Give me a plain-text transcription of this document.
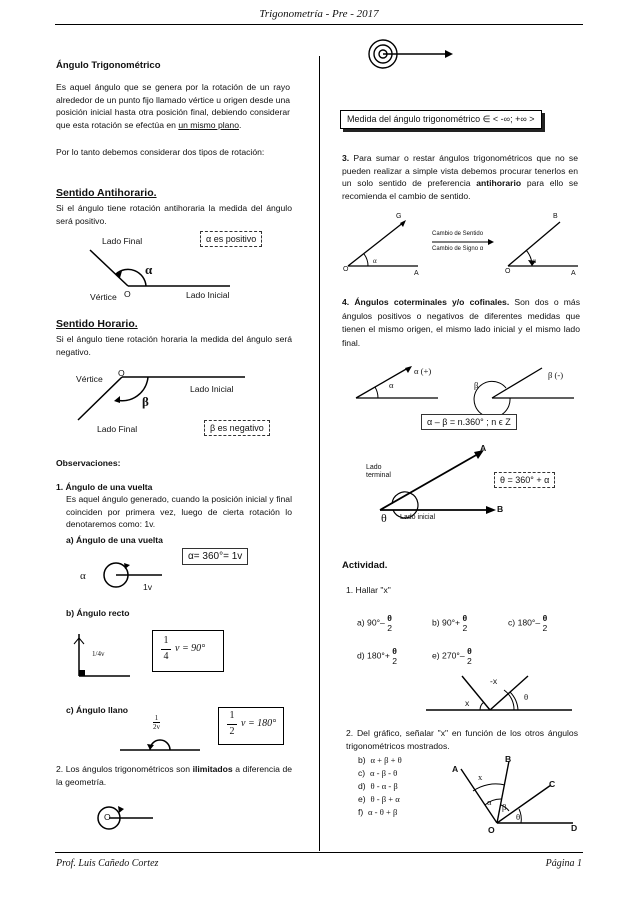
Trigonometría - Pre - 2017
Prof. Luis Cañedo Cortez	Página 1
Ángulo Trigonométrico
Es aquel ángulo que se genera por la rotación de un rayo alrededor de un punto fijo llamado vértice u origen desde una posición inicial hasta otra posición final, debiendo considerar que esta rotación se efectúa en un mismo plano.
Por lo tanto debemos considerar dos tipos de rotación:
Sentido Antihorario.
Si el ángulo tiene rotación antihoraria la medida del ángulo será positivo.
Lado Final	α es positivo
α
Vértice O	Lado Inicial
Sentido Horario.
Si el ángulo tiene rotación horaria la medida del ángulo será negativo.
Vértice
O
Lado Inicial
β
Lado Final	β es negativo
Observaciones:
1. Ángulo de una vuelta
Es aquel ángulo generado, cuando la posición inicial y final coinciden por primera vez, luego de cierta rotación lo denotaremos como: 1v.
a) Ángulo de una vuelta
α= 360°= 1v
α
1v
b) Ángulo recto
1/4v
1
4
v = 90°
c) Ángulo llano
$\frac{1}{2v}$	1
2
v = 180°
2. Los ángulos trigonométricos son ilimitados a diferencia de la geometría.
O
Medida del ángulo trigonométrico ∈ < -∞; +∞ >
3. Para sumar o restar ángulos trigonométricos que no se pueden realizar a simple vista debemos procurar tenerlos en un solo sentido de preferencia antihorario para ello se recomienda el cambio de sentido.
O
G
A
α
Cambio de Sentido
Cambio de Signo α
O
B
A
-α
4. Ángulos coterminales y/o cofinales. Son dos o más ángulos positivos o negativos de diferentes medidas que tienen el mismo origen, el mismo lado inicial y el mismo lado final.
α (+)
α	β
β (-)
α – β = n.360° ; n ϵ Z
A
Lado terminal
θ Lado inicial
B
θ = 360° + α
Actividad.
1. Hallar "x"
a) 90°– θ
2
b) 90°+ θ
2
c) 180°– θ
2
d) 180°+ θ
2
e) 270°– θ
2
-x
x
θ
2. Del gráfico, señalar "x" en función de los otros ángulos trigonométricos mostrados.
b) α + β + θ
c) α - β - θ
d) θ - α - β
e) θ - β + α
f) α - θ + β
A
B
C
D
O
x
α β
θ
